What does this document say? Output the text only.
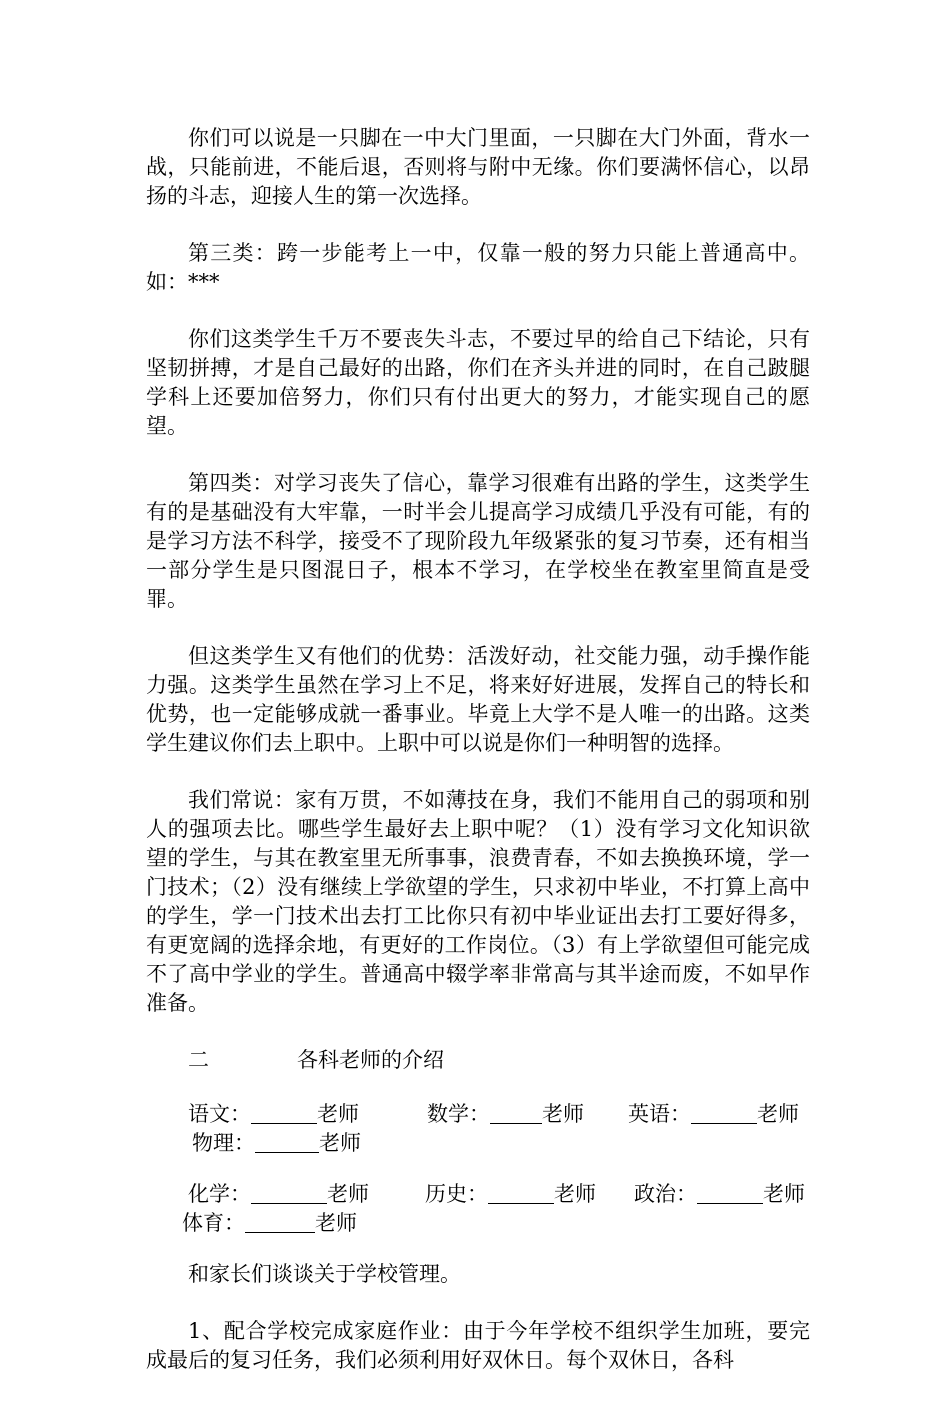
你们可以说是一只脚在一中大门里面，一只脚在大门外面，背水一战，只能前进，不能后退，否则将与附中无缘。你们要满怀信心，以昂扬的斗志，迎接人生的第一次选择。

第三类：跨一步能考上一中，仅靠一般的努力只能上普通高中。如：***

你们这类学生千万不要丧失斗志，不要过早的给自己下结论，只有坚韧拼搏，才是自己最好的出路，你们在齐头并进的同时，在自己跛腿学科上还要加倍努力，你们只有付出更大的努力，才能实现自己的愿望。

第四类：对学习丧失了信心，靠学习很难有出路的学生，这类学生有的是基础没有大牢靠，一时半会儿提高学习成绩几乎没有可能，有的是学习方法不科学，接受不了现阶段九年级紧张的复习节奏，还有相当一部分学生是只图混日子，根本不学习，在学校坐在教室里简直是受罪。

但这类学生又有他们的优势：活泼好动，社交能力强，动手操作能力强。这类学生虽然在学习上不足，将来好好进展，发挥自己的特长和优势，也一定能够成就一番事业。毕竟上大学不是人唯一的出路。这类学生建议你们去上职中。上职中可以说是你们一种明智的选择。

我们常说：家有万贯，不如薄技在身，我们不能用自己的弱项和别人的强项去比。哪些学生最好去上职中呢？（1）没有学习文化知识欲望的学生，与其在教室里无所事事，浪费青春，不如去换换环境，学一门技术；（2）没有继续上学欲望的学生，只求初中毕业，不打算上高中的学生，学一门技术出去打工比你只有初中毕业证出去打工要好得多，有更宽阔的选择余地，有更好的工作岗位。（3）有上学欲望但可能完成不了高中学业的学生。普通高中辍学率非常高与其半途而废，不如早作准备。

二	各科老师的介绍

语文：	老师	数学： 老师 英语：	老师物理：	老师

化学：	老师	历史：	老师 政治：	老师体育：	老师

和家长们谈谈关于学校管理。

1、配合学校完成家庭作业：由于今年学校不组织学生加班，要完成最后的复习任务，我们必须利用好双休日。每个双休日，各科
